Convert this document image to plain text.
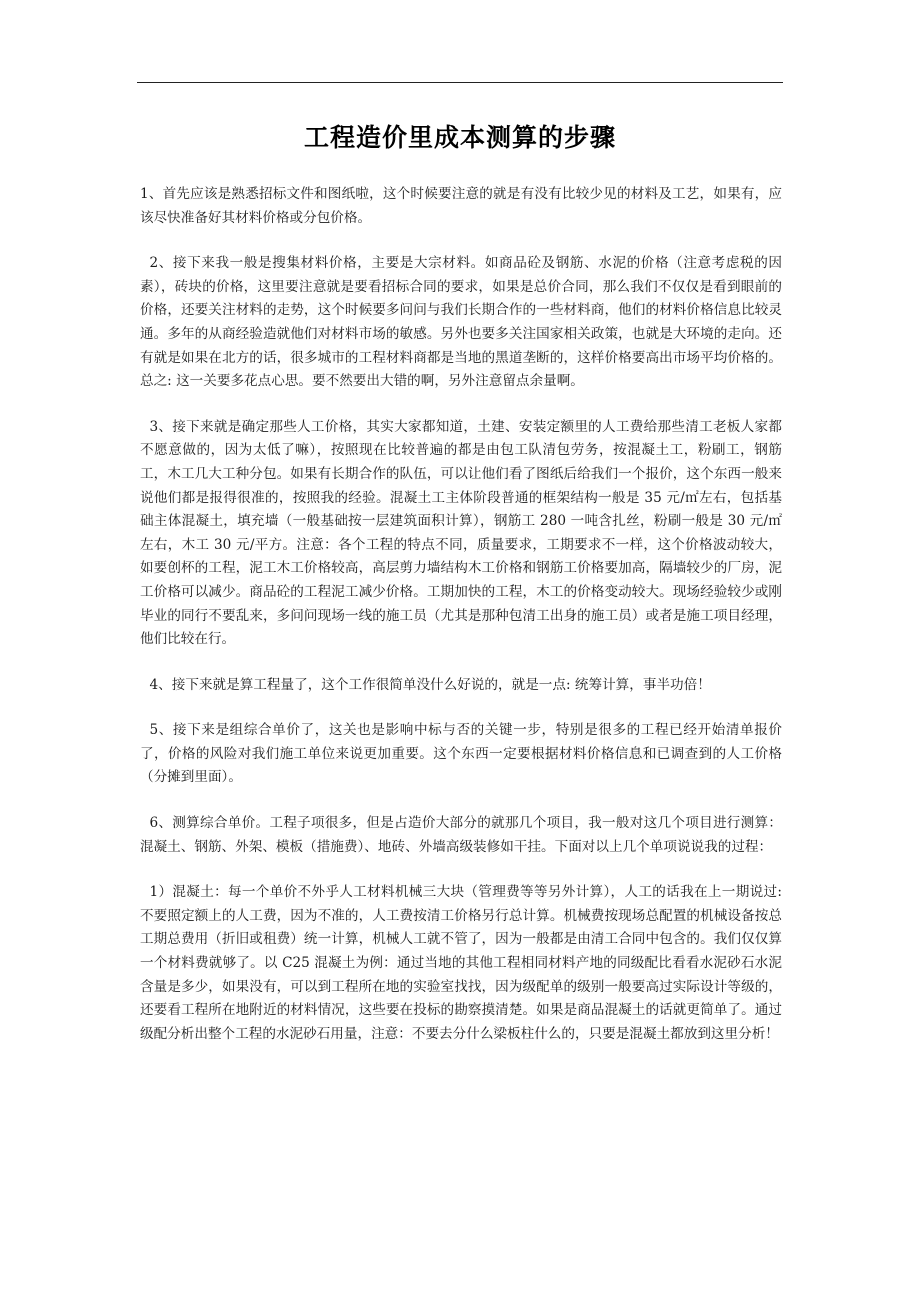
工程造价里成本测算的步骤

1、首先应该是熟悉招标文件和图纸啦，这个时候要注意的就是有没有比较少见的材料及工艺，如果有，应该尽快准备好其材料价格或分包价格。

2、接下来我一般是搜集材料价格，主要是大宗材料。如商品砼及钢筋、水泥的价格（注意考虑税的因素），砖块的价格，这里要注意就是要看招标合同的要求，如果是总价合同，那么我们不仅仅是看到眼前的价格，还要关注材料的走势，这个时候要多问问与我们长期合作的一些材料商，他们的材料价格信息比较灵通。多年的从商经验造就他们对材料市场的敏感。另外也要多关注国家相关政策，也就是大环境的走向。还有就是如果在北方的话，很多城市的工程材料商都是当地的黑道垄断的，这样价格要高出市场平均价格的。总之: 这一关要多花点心思。要不然要出大错的啊，另外注意留点余量啊。

3、接下来就是确定那些人工价格，其实大家都知道，土建、安装定额里的人工费给那些清工老板人家都不愿意做的，因为太低了嘛），按照现在比较普遍的都是由包工队清包劳务，按混凝土工，粉刷工，钢筋工，木工几大工种分包。如果有长期合作的队伍，可以让他们看了图纸后给我们一个报价，这个东西一般来说他们都是报得很准的，按照我的经验。混凝土工主体阶段普通的框架结构一般是 35 元/㎡左右，包括基础主体混凝土，填充墙（一般基础按一层建筑面积计算），钢筋工 280 一吨含扎丝，粉刷一般是 30 元/㎡左右，木工 30 元/平方。注意：各个工程的特点不同，质量要求，工期要求不一样，这个价格波动较大，如要创杯的工程，泥工木工价格较高，高层剪力墙结构木工价格和钢筋工价格要加高，隔墙较少的厂房，泥工价格可以减少。商品砼的工程泥工减少价格。工期加快的工程，木工的价格变动较大。现场经验较少或刚毕业的同行不要乱来，多问问现场一线的施工员（尤其是那种包清工出身的施工员）或者是施工项目经理，他们比较在行。

4、接下来就是算工程量了，这个工作很简单没什么好说的，就是一点: 统筹计算，事半功倍！

5、接下来是组综合单价了，这关也是影响中标与否的关键一步，特别是很多的工程已经开始清单报价了，价格的风险对我们施工单位来说更加重要。这个东西一定要根据材料价格信息和已调查到的人工价格（分摊到里面）。

6、测算综合单价。工程子项很多，但是占造价大部分的就那几个项目，我一般对这几个项目进行测算：混凝土、钢筋、外架、模板（措施费）、地砖、外墙高级装修如干挂。下面对以上几个单项说说我的过程：

1）混凝土：每一个单价不外乎人工材料机械三大块（管理费等等另外计算），人工的话我在上一期说过: 不要照定额上的人工费，因为不准的，人工费按清工价格另行总计算。机械费按现场总配置的机械设备按总工期总费用（折旧或租费）统一计算，机械人工就不管了，因为一般都是由清工合同中包含的。我们仅仅算一个材料费就够了。以 C25 混凝土为例：通过当地的其他工程相同材料产地的同级配比看看水泥砂石水泥含量是多少，如果没有，可以到工程所在地的实验室找找，因为级配单的级别一般要高过实际设计等级的，还要看工程所在地附近的材料情况，这些要在投标的勘察摸清楚。如果是商品混凝土的话就更简单了。通过级配分析出整个工程的水泥砂石用量，注意：不要去分什么梁板柱什么的，只要是混凝土都放到这里分析！
